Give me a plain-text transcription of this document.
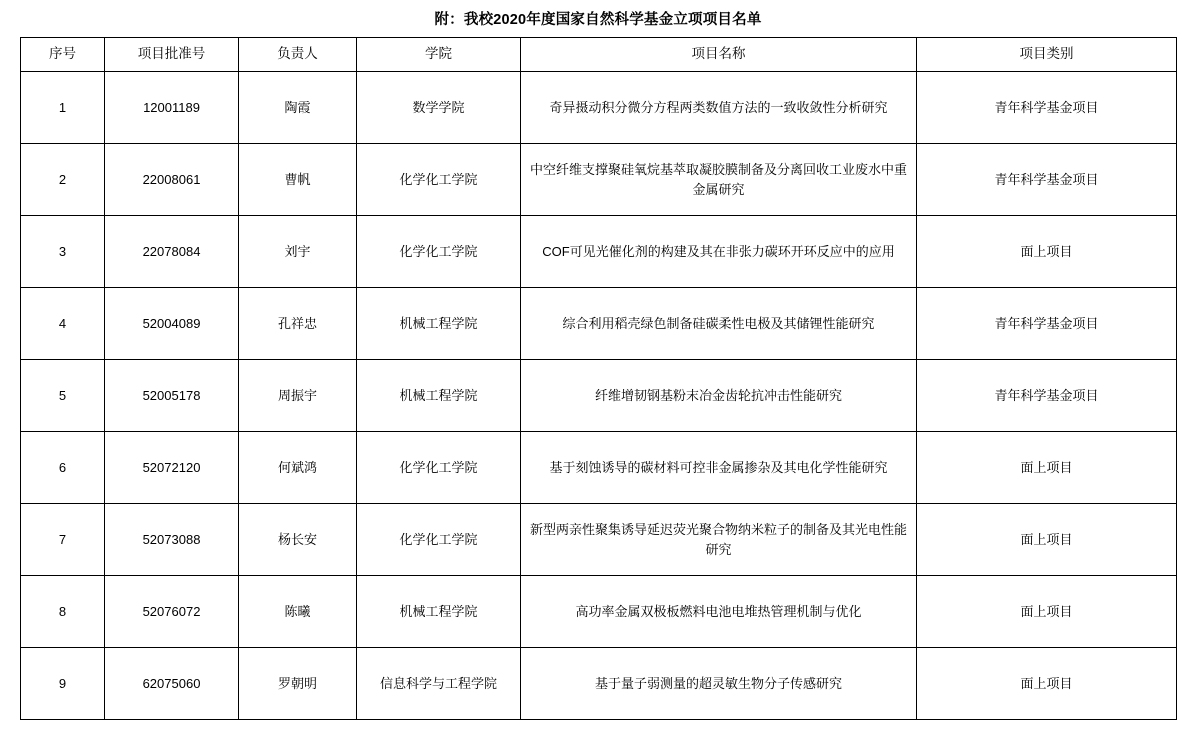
附：我校2020年度国家自然科学基金立项项目名单
序号	项目批准号	负责人	学院	项目名称	项目类别
1	12001189	陶霞	数学学院	奇异摄动积分微分方程两类数值方法的一致收敛性分析研究	青年科学基金项目
2	22008061	曹帆	化学化工学院	中空纤维支撑聚硅氧烷基萃取凝胶膜制备及分离回收工业废水中重金属研究	青年科学基金项目
3	22078084	刘宇	化学化工学院	COF可见光催化剂的构建及其在非张力碳环开环反应中的应用	面上项目
4	52004089	孔祥忠	机械工程学院	综合利用稻壳绿色制备硅碳柔性电极及其储锂性能研究	青年科学基金项目
5	52005178	周振宇	机械工程学院	纤维增韧钢基粉末冶金齿轮抗冲击性能研究	青年科学基金项目
6	52072120	何斌鸿	化学化工学院	基于刻蚀诱导的碳材料可控非金属掺杂及其电化学性能研究	面上项目
7	52073088	杨长安	化学化工学院	新型两亲性聚集诱导延迟荧光聚合物纳米粒子的制备及其光电性能研究	面上项目
8	52076072	陈曦	机械工程学院	高功率金属双极板燃料电池电堆热管理机制与优化	面上项目
9	62075060	罗朝明	信息科学与工程学院	基于量子弱测量的超灵敏生物分子传感研究	面上项目
